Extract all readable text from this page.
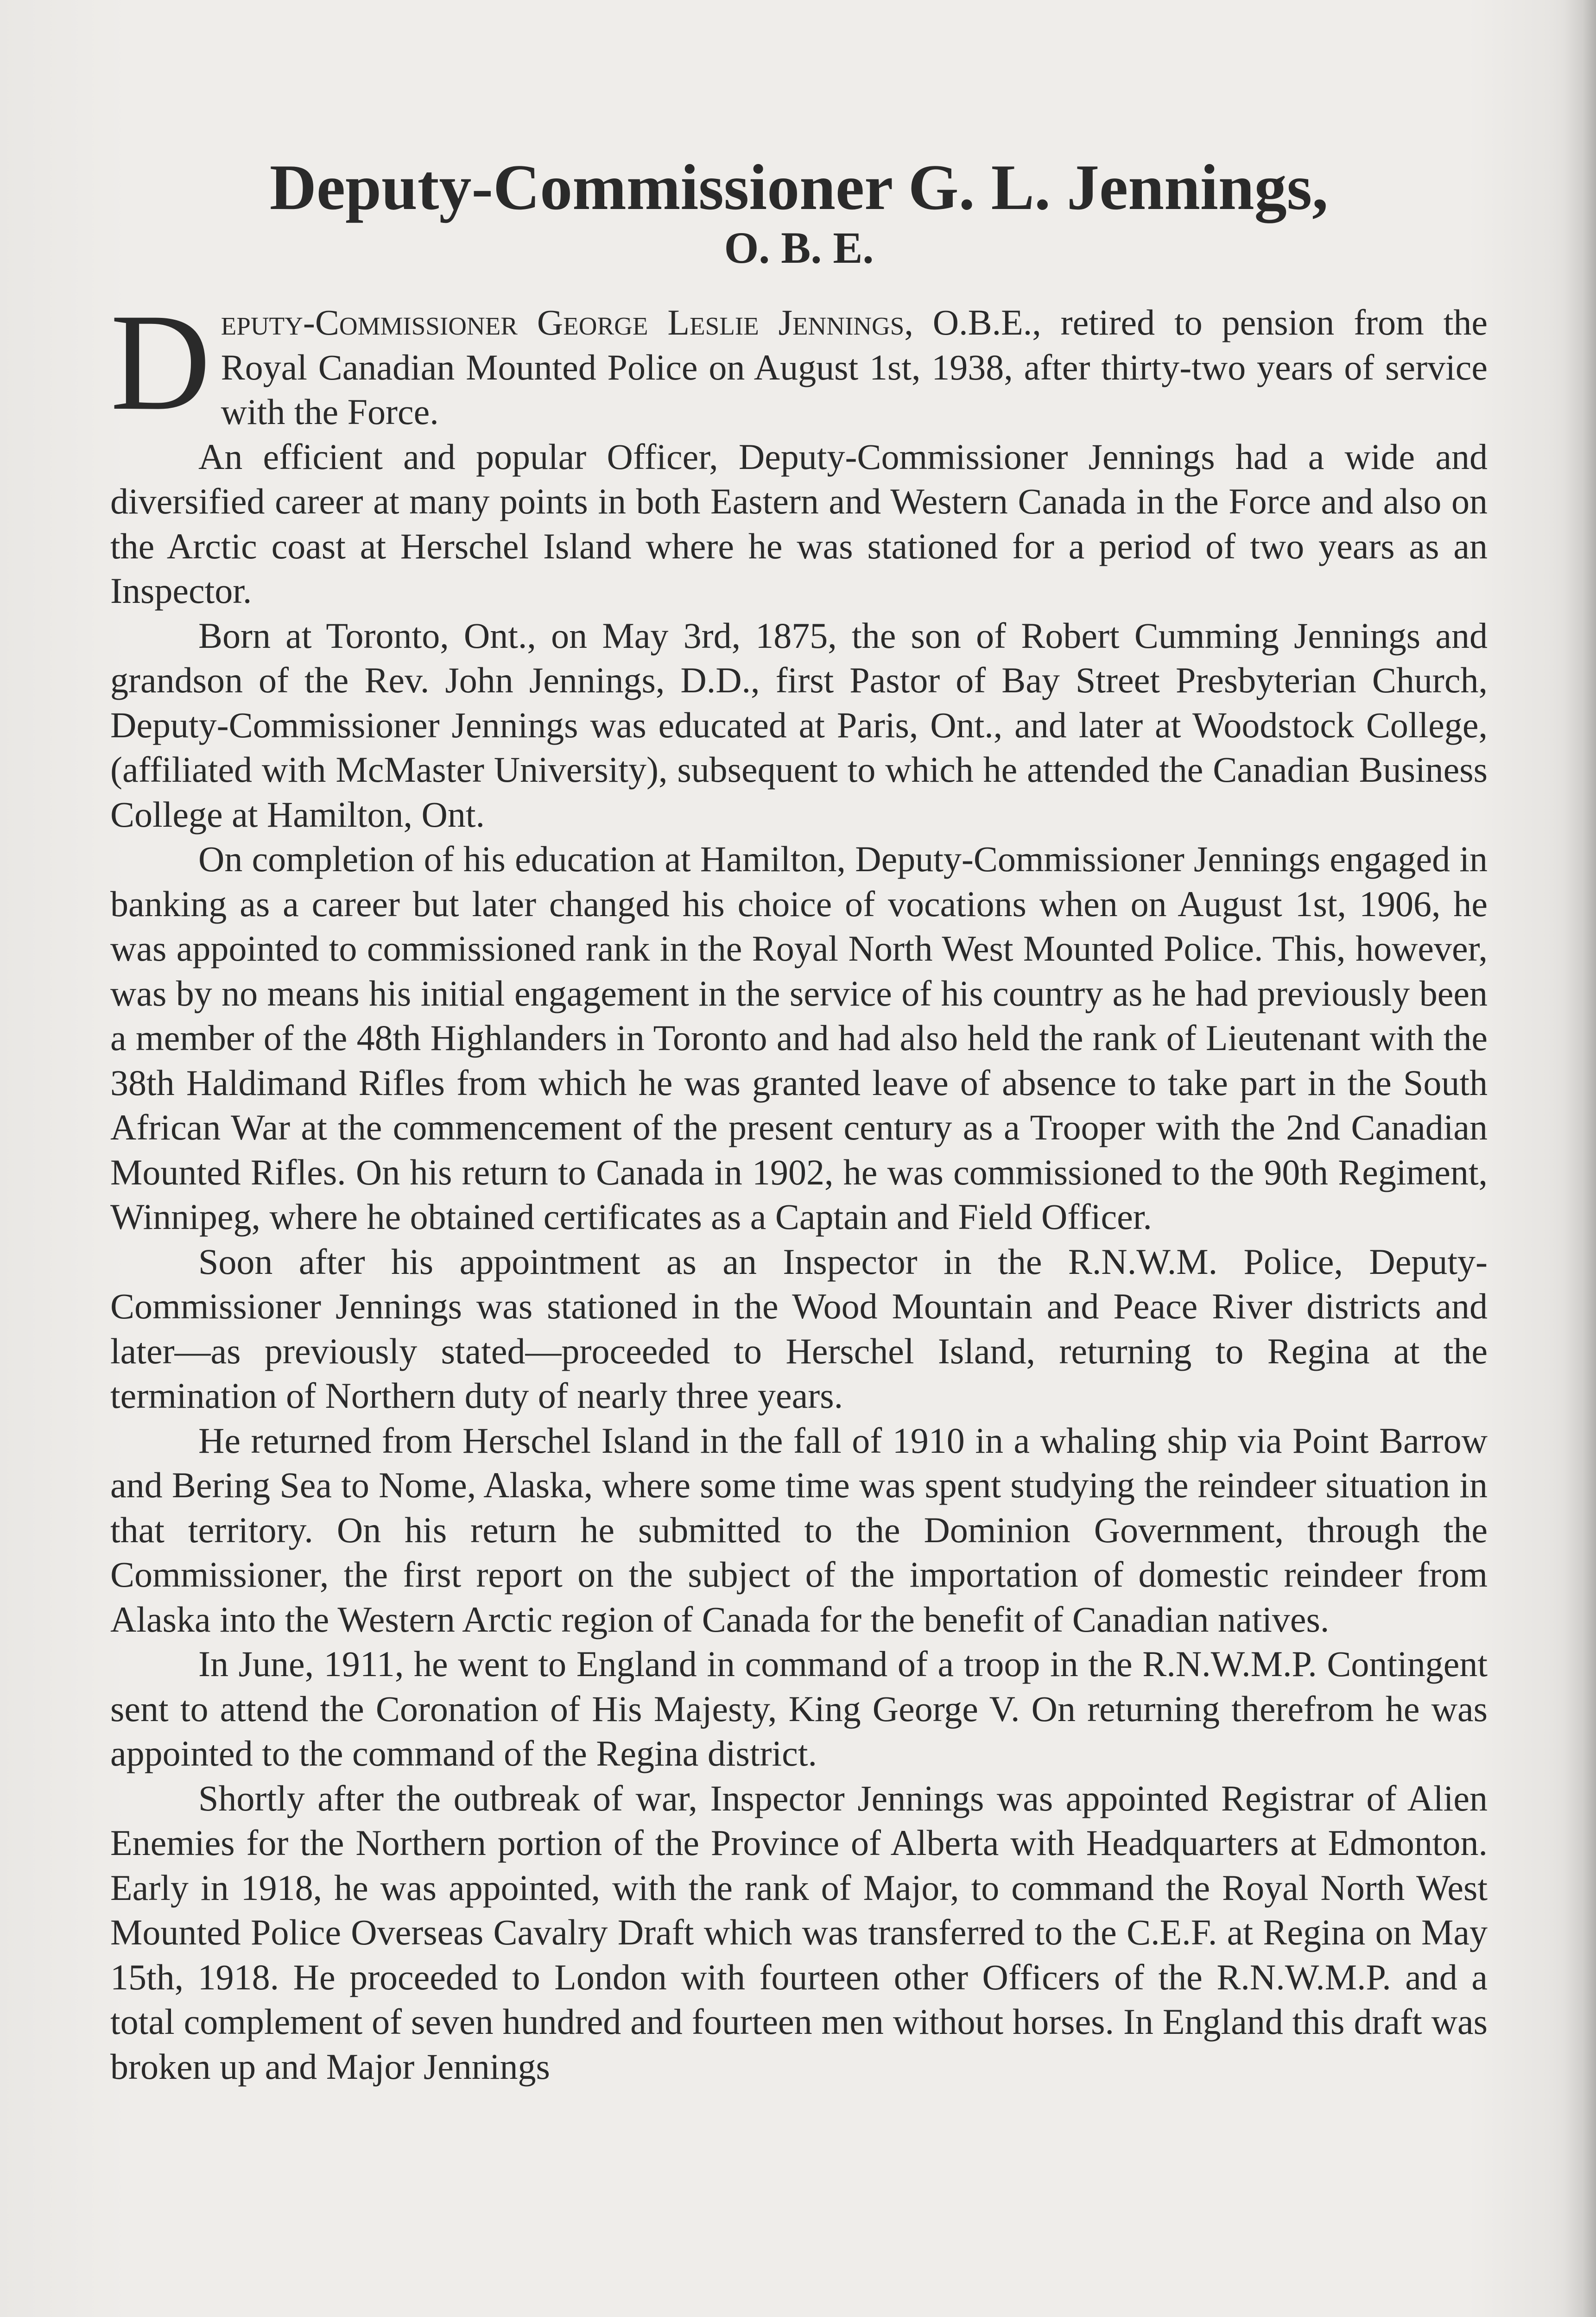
Deputy-Commissioner G. L. Jennings,
O. B. E.

Deputy-Commissioner George Leslie Jennings, O.B.E., retired to pension from the Royal Canadian Mounted Police on August 1st, 1938, after thirty-two years of service with the Force.

An efficient and popular Officer, Deputy-Commissioner Jennings had a wide and diversified career at many points in both Eastern and Western Canada in the Force and also on the Arctic coast at Herschel Island where he was stationed for a period of two years as an Inspector.

Born at Toronto, Ont., on May 3rd, 1875, the son of Robert Cumming Jennings and grandson of the Rev. John Jennings, D.D., first Pastor of Bay Street Presbyterian Church, Deputy-Commissioner Jennings was educated at Paris, Ont., and later at Woodstock College, (affiliated with McMaster University), subsequent to which he attended the Canadian Business College at Hamilton, Ont.

On completion of his education at Hamilton, Deputy-Commissioner Jennings engaged in banking as a career but later changed his choice of vocations when on August 1st, 1906, he was appointed to commissioned rank in the Royal North West Mounted Police. This, however, was by no means his initial engagement in the service of his country as he had previously been a member of the 48th Highlanders in Toronto and had also held the rank of Lieutenant with the 38th Haldimand Rifles from which he was granted leave of absence to take part in the South African War at the commencement of the present century as a Trooper with the 2nd Canadian Mounted Rifles. On his return to Canada in 1902, he was commissioned to the 90th Regiment, Winnipeg, where he obtained certificates as a Captain and Field Officer.

Soon after his appointment as an Inspector in the R.N.W.M. Police, Deputy-Commissioner Jennings was stationed in the Wood Mountain and Peace River districts and later—as previously stated—proceeded to Herschel Island, returning to Regina at the termination of Northern duty of nearly three years.

He returned from Herschel Island in the fall of 1910 in a whaling ship via Point Barrow and Bering Sea to Nome, Alaska, where some time was spent studying the reindeer situation in that territory. On his return he submitted to the Dominion Government, through the Commissioner, the first report on the subject of the importation of domestic reindeer from Alaska into the Western Arctic region of Canada for the benefit of Canadian natives.

In June, 1911, he went to England in command of a troop in the R.N.W.M.P. Contingent sent to attend the Coronation of His Majesty, King George V. On returning therefrom he was appointed to the command of the Regina district.

Shortly after the outbreak of war, Inspector Jennings was appointed Registrar of Alien Enemies for the Northern portion of the Province of Alberta with Headquarters at Edmonton. Early in 1918, he was appointed, with the rank of Major, to command the Royal North West Mounted Police Overseas Cavalry Draft which was transferred to the C.E.F. at Regina on May 15th, 1918. He proceeded to London with fourteen other Officers of the R.N.W.M.P. and a total complement of seven hundred and fourteen men without horses. In England this draft was broken up and Major Jennings
